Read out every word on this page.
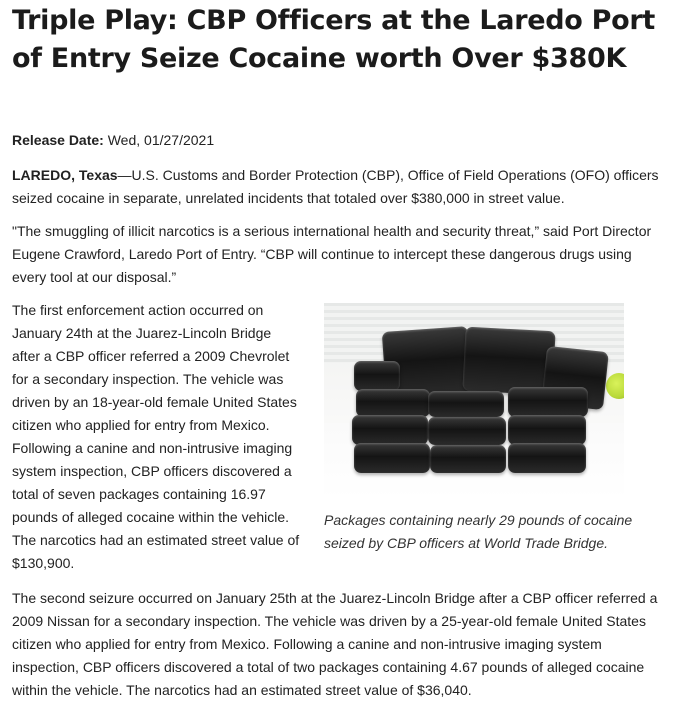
Triple Play: CBP Officers at the Laredo Port of Entry Seize Cocaine worth Over $380K
Release Date: Wed, 01/27/2021

LAREDO, Texas—U.S. Customs and Border Protection (CBP), Office of Field Operations (OFO) officers seized cocaine in separate, unrelated incidents that totaled over $380,000 in street value.

"The smuggling of illicit narcotics is a serious international health and security threat,” said Port Director Eugene Crawford, Laredo Port of Entry. “CBP will continue to intercept these dangerous drugs using every tool at our disposal.”

Packages containing nearly 29 pounds of cocaine seized by CBP officers at World Trade Bridge.

The first enforcement action occurred on January 24th at the Juarez-Lincoln Bridge after a CBP officer referred a 2009 Chevrolet for a secondary inspection. The vehicle was driven by an 18-year-old female United States citizen who applied for entry from Mexico. Following a canine and non-intrusive imaging system inspection, CBP officers discovered a total of seven packages containing 16.97 pounds of alleged cocaine within the vehicle. The narcotics had an estimated street value of $130,900.

The second seizure occurred on January 25th at the Juarez-Lincoln Bridge after a CBP officer referred a 2009 Nissan for a secondary inspection. The vehicle was driven by a 25-year-old female United States citizen who applied for entry from Mexico. Following a canine and non-intrusive imaging system inspection, CBP officers discovered a total of two packages containing 4.67 pounds of alleged cocaine within the vehicle. The narcotics had an estimated street value of $36,040.
